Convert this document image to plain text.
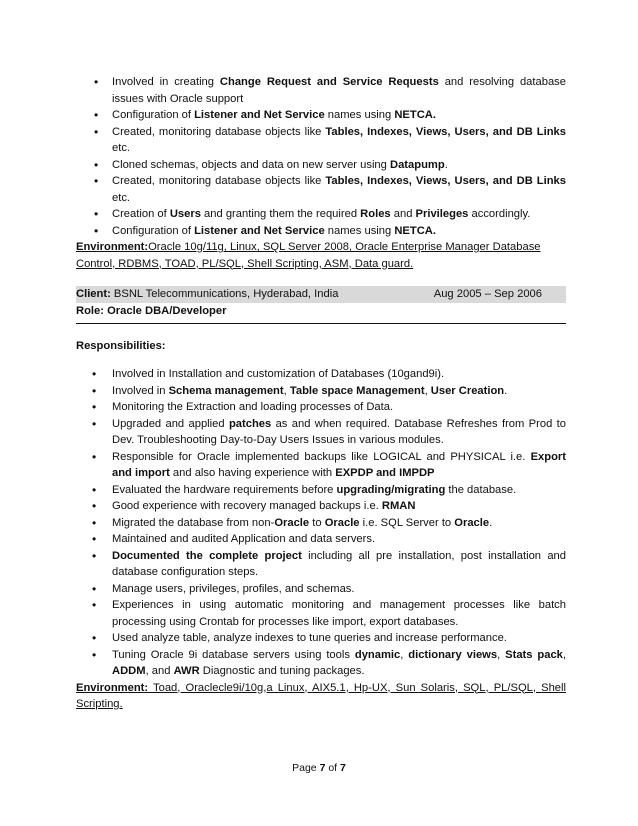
• Involved in creating Change Request and Service Requests and resolving database issues with Oracle support
• Configuration of Listener and Net Service names using NETCA.
• Created, monitoring database objects like Tables, Indexes, Views, Users, and DB Links etc.
• Cloned schemas, objects and data on new server using Datapump.
• Created, monitoring database objects like Tables, Indexes, Views, Users, and DB Links etc.
• Creation of Users and granting them the required Roles and Privileges accordingly.
• Configuration of Listener and Net Service names using NETCA.
Environment:Oracle 10g/11g, Linux, SQL Server 2008, Oracle Enterprise Manager Database Control, RDBMS, TOAD, PL/SQL, Shell Scripting, ASM, Data guard.
Client: BSNL Telecommunications, Hyderabad, India	Aug 2005 – Sep 2006
Role: Oracle DBA/Developer
Responsibilities:
• Involved in Installation and customization of Databases (10gand9i).
• Involved in Schema management, Table space Management, User Creation.
• Monitoring the Extraction and loading processes of Data.
• Upgraded and applied patches as and when required. Database Refreshes from Prod to Dev. Troubleshooting Day-to-Day Users Issues in various modules.
• Responsible for Oracle implemented backups like LOGICAL and PHYSICAL i.e. Export and import and also having experience with EXPDP and IMPDP
• Evaluated the hardware requirements before upgrading/migrating the database.
• Good experience with recovery managed backups i.e. RMAN
• Migrated the database from non-Oracle to Oracle i.e. SQL Server to Oracle.
• Maintained and audited Application and data servers.
• Documented the complete project including all pre installation, post installation and database configuration steps.
• Manage users, privileges, profiles, and schemas.
• Experiences in using automatic monitoring and management processes like batch processing using Crontab for processes like import, export databases.
• Used analyze table, analyze indexes to tune queries and increase performance.
• Tuning Oracle 9i database servers using tools dynamic, dictionary views, Stats pack, ADDM, and AWR Diagnostic and tuning packages.
Environment: Toad, Oraclecle9i/10g,a Linux, AIX5.1, Hp-UX, Sun Solaris, SQL, PL/SQL, Shell Scripting.
Page 7 of 7
